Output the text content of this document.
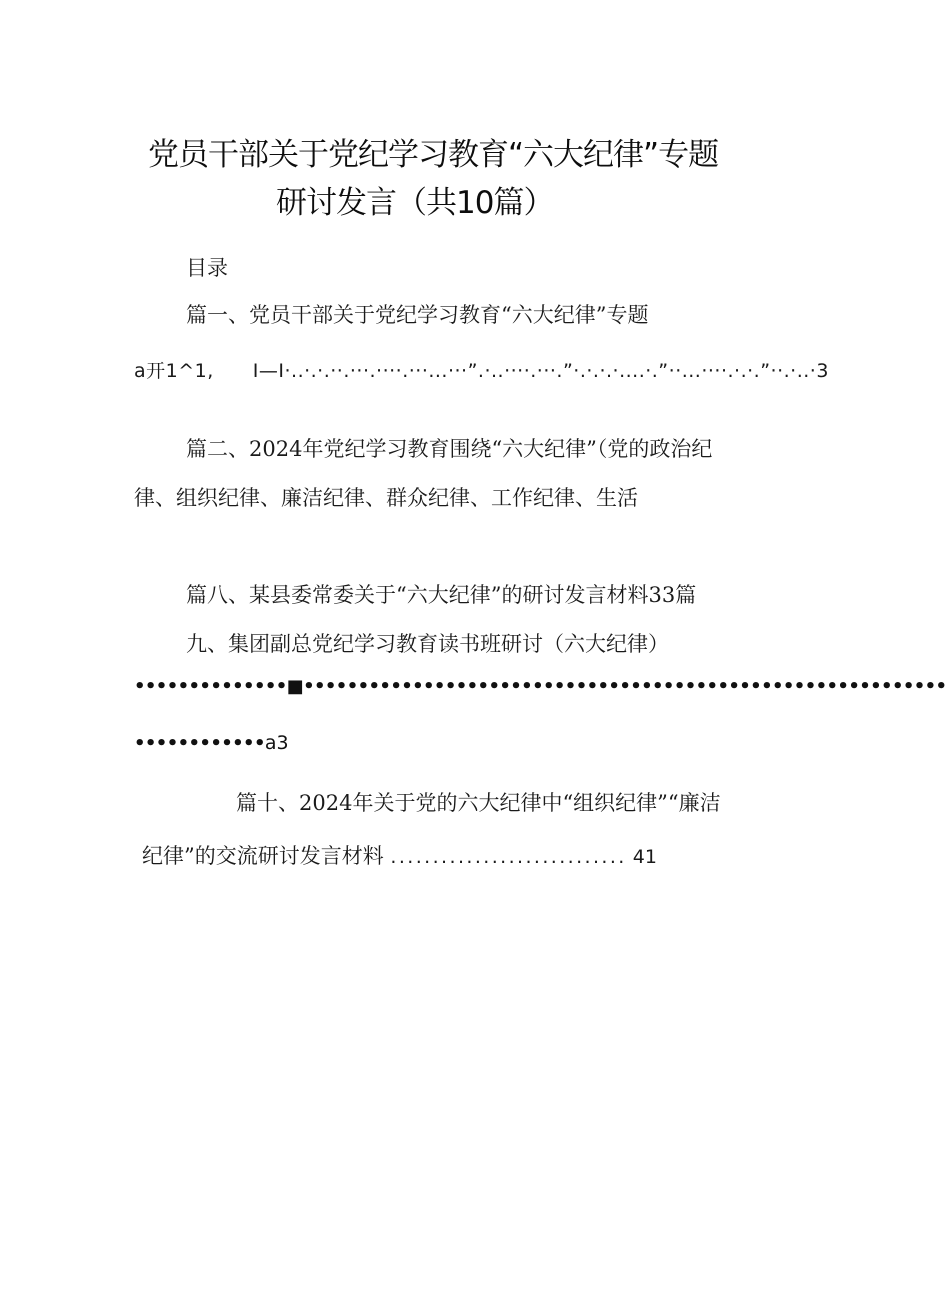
党员干部关于党纪学习教育“六大纪律”专题
研讨发言（共10篇）
目录
篇一、党员干部关于党纪学习教育“六大纪律”专题
a开1^1,　　I—I·..·.·.··.···.····.···...···”.·..····.···.”·.·.·.·....·.”··...····.·.·.”··.·..·3
篇二、2024年党纪学习教育围绕“六大纪律”（党的政治纪
律、组织纪律、廉洁纪律、群众纪律、工作纪律、生活
篇八、某县委常委关于“六大纪律”的研讨发言材料33篇
九、集团副总党纪学习教育读书班研讨（六大纪律）
••••••••••••••■•••••••••••••••••••••••••••••••••••••••••••••••••••••••••••
••••••••••••a3
篇十、2024年关于党的六大纪律中“组织纪律”“廉洁
纪律”的交流研讨发言材料 ............................ 41
